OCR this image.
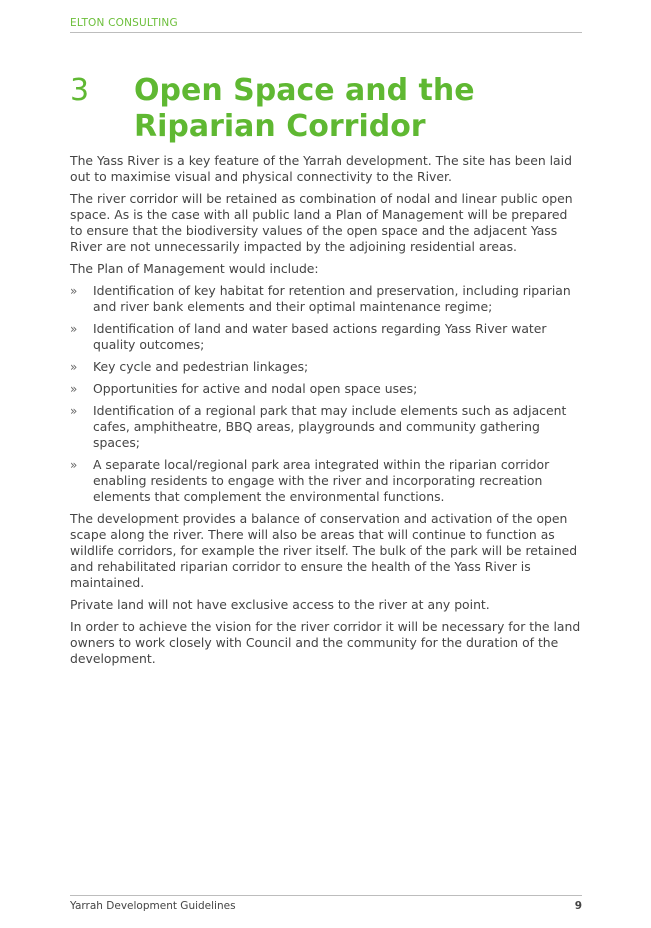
ELTON CONSULTING
3 Open Space and the Riparian Corridor

The Yass River is a key feature of the Yarrah development. The site has been laid out to maximise visual and physical connectivity to the River.

The river corridor will be retained as combination of nodal and linear public open space. As is the case with all public land a Plan of Management will be prepared to ensure that the biodiversity values of the open space and the adjacent Yass River are not unnecessarily impacted by the adjoining residential areas.

The Plan of Management would include:

» Identification of key habitat for retention and preservation, including riparian and river bank elements and their optimal maintenance regime;
» Identification of land and water based actions regarding Yass River water quality outcomes;
» Key cycle and pedestrian linkages;
» Opportunities for active and nodal open space uses;
» Identification of a regional park that may include elements such as adjacent cafes, amphitheatre, BBQ areas, playgrounds and community gathering spaces;
» A separate local/regional park area integrated within the riparian corridor enabling residents to engage with the river and incorporating recreation elements that complement the environmental functions.

The development provides a balance of conservation and activation of the open scape along the river. There will also be areas that will continue to function as wildlife corridors, for example the river itself. The bulk of the park will be retained and rehabilitated riparian corridor to ensure the health of the Yass River is maintained.

Private land will not have exclusive access to the river at any point.

In order to achieve the vision for the river corridor it will be necessary for the land owners to work closely with Council and the community for the duration of the development.

Yarrah Development Guidelines	9
